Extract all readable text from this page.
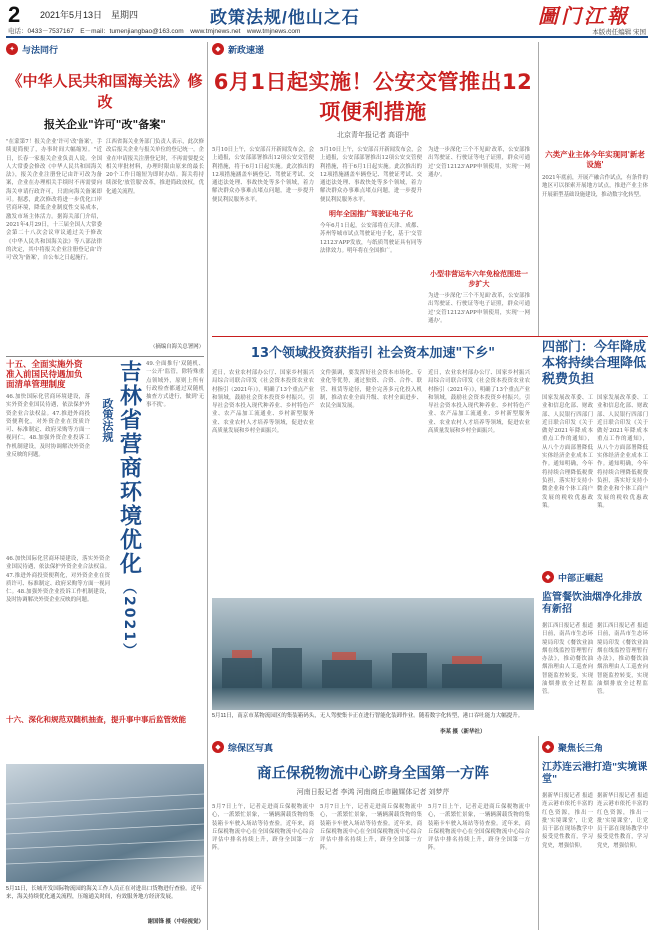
2 2021年5月13日　星期四	政策法规/他山之石	圖门江報
电话：0433－7537167　E－mail：tumenjiangbao@163.com　www.tmjnews.net　www.tmjnews.com	本版责任编辑 宋国
✦ 与法同行
《中华人民共和国海关法》修改
报关企业"许可"改"备案"
"在蒙第7！报关企业'许可'改'备案'，手续更简便了，办事时间大幅缩短。"近日，长春一家报关企业负责人说。全国人大常委会修改《中华人民共和国海关法》，报关企业注册登记由许可改为备案，企业在办理相关手续时不再需要向海关申请行政许可，只需向海关备案即可。据悉，此次修改将进一步优化口岸营商环境，降低企业制度性交易成本，激发市场主体活力。据海关部门介绍，2021年4月29日，十三届全国人大常委会第二十八次会议审议通过关于修改《中华人民共和国海关法》等八部法律的决定，其中将报关企业注册登记由'许可'改为'备案'，自公布之日起施行。
江西省海关业务部门负责人表示，此次修改后报关企业与报关单位的登记统一，企业在申请报关注册登记时，不再需要提交相关审批材料，办理时限由原来的最长20个工作日缩短为即时办结。海关将持续深化'放管服'改革，推进简政放权，优化通关流程。
（摘编自海关总署网）
十五、全面实施外资准入前国民待遇加负面清单管理制度
46.加快国际化营商环境建设，落实外资企业国民待遇，依法保护外资企业合法权益。47.推进外商投资便利化，对外资企业在资质许可、标准制定、政府采购等方面一视同仁。48.加强外资企业投诉工作机制建设，及时协调解决外资企业反映的问题。
政策法规 吉林省营商环境优化
（2021）
49.全面推行'双随机、一公开'监管，除特殊重点领域外，原则上所有行政检查都通过双随机抽查方式进行，做到'无事不扰'。
46.加快国际化营商环境建设，落实外资企业国民待遇，依法保护外资企业合法权益。47.推进外商投资便利化，对外资企业在资质许可、标准制定、政府采购等方面一视同仁。48.加强外资企业投诉工作机制建设，及时协调解决外资企业反映的问题。
十六、深化和规范双随机抽查，提升事中事后监管效能
5月11日，长城开发国际物流园的海关工作人员正在对进出口货物进行查验。近年来，海关持续优化通关流程，压缩通关时间，有效服务地方经济发展。
谢国锋 摄（中经视觉）
◆ 新政速递
6月1日起实施！公安交管推出12项便利措施
北京青年报记者 高语中
5月10日上午，公安部召开新闻发布会，会上通报，公安部部署推出12项公安交管便利措施，将于6月1日起实施。此次推出的12项措施涵盖车辆登记、驾驶证考试、交通违法处理、事故快处等多个领域，着力解决群众办事难点堵点问题，进一步提升便民利民服务水平。
5月10日上午，公安部召开新闻发布会，会上通报，公安部部署推出12项公安交管便利措施，将于6月1日起实施。此次推出的12项措施涵盖车辆登记、驾驶证考试、交通违法处理、事故快处等多个领域，着力解决群众办事难点堵点问题，进一步提升便民利民服务水平。
明年全国推广驾驶证电子化
今年6月1日起，公安部将在天津、成都、苏州等城市试点驾驶证电子化，基于'交管12123'APP发放，与纸质驾驶证具有同等法律效力。明年将在全国推广。
为进一步深化'三个不见面'改革，公安部推出驾驶证、行驶证等电子证照，群众可通过'交管12123'APP申领使用，实现'一网通办'。
小型非营运车六年免检范围进一步扩大
为进一步深化'三个不见面'改革，公安部推出驾驶证、行驶证等电子证照，群众可通过'交管12123'APP申领使用，实现'一网通办'。
13个领域投资获指引 社会资本加速"下乡"
近日，农业农村部办公厅、国家乡村振兴局综合司联合印发《社会资本投资农业农村指引（2021年）》，明确了13个重点产业和领域，鼓励社会资本投资乡村振兴。引导社会资本投入现代种养业、乡村特色产业、农产品加工流通业、乡村新型服务业、农业农村人才培养等领域，促进农业高质量发展和乡村全面振兴。
文件强调，要发挥好社会资本市场化、专业化等优势，通过独资、合资、合作、联营、租赁等途径，健全完善多元化投入机制，推动农业全面升级、农村全面进步、农民全面发展。
近日，农业农村部办公厅、国家乡村振兴局综合司联合印发《社会资本投资农业农村指引（2021年）》，明确了13个重点产业和领域，鼓励社会资本投资乡村振兴。引导社会资本投入现代种养业、乡村特色产业、农产品加工流通业、乡村新型服务业、农业农村人才培养等领域，促进农业高质量发展和乡村全面振兴。
5月11日，南京市某物流园区的集装箱码头，无人驾驶集卡正在进行智能化装卸作业。随着数字化转型，港口吞吐能力大幅提升。
李某 摄（新华社）
◆ 综保区写真
商丘保税物流中心跻身全国第一方阵
河南日报记者 李鸿 河南商丘市融媒体记者 刘梦芹
5月7日上午，记者走进商丘保税物流中心，一派繁忙景象，一辆辆满载货物的集装箱卡车驶入场站等待查验。近年来，商丘保税物流中心在全国保税物流中心综合评估中排名持续上升，跻身全国第一方阵。
5月7日上午，记者走进商丘保税物流中心，一派繁忙景象，一辆辆满载货物的集装箱卡车驶入场站等待查验。近年来，商丘保税物流中心在全国保税物流中心综合评估中排名持续上升，跻身全国第一方阵。
5月7日上午，记者走进商丘保税物流中心，一派繁忙景象，一辆辆满载货物的集装箱卡车驶入场站等待查验。近年来，商丘保税物流中心在全国保税物流中心综合评估中排名持续上升，跻身全国第一方阵。
六类产业主体今年实现同'新老设施'
2021年底前，开展产融合作试点，有条件的地区可以探索开展地方试点，推进产业主体开展新型基础设施建设，推动数字化转型。
四部门：今年降成本将持续合理降低税费负担
国家发展改革委、工业和信息化部、财政部、人民银行四部门近日联合印发《关于做好2021年降成本重点工作的通知》，从八个方面部署降低实体经济企业成本工作。通知明确，今年将持续合理降低税费负担，落实好支持小微企业和个体工商户发展的税收优惠政策。
国家发展改革委、工业和信息化部、财政部、人民银行四部门近日联合印发《关于做好2021年降成本重点工作的通知》，从八个方面部署降低实体经济企业成本工作。通知明确，今年将持续合理降低税费负担，落实好支持小微企业和个体工商户发展的税收优惠政策。
◆ 中部正崛起
监管餐饮油烟净化排放有新招
据江西日报记者 报道 日前，南昌市生态环境局印发《餐饮业油烟在线监控管理暂行办法》，推动餐饮油烟治理由人工巡查向智能监控转变，实现油烟排放全过程监管。
据江西日报记者 报道 日前，南昌市生态环境局印发《餐饮业油烟在线监控管理暂行办法》，推动餐饮油烟治理由人工巡查向智能监控转变，实现油烟排放全过程监管。
◆ 聚焦长三角
江苏连云港打造"实境课堂"
据新华日报记者 报道 连云港市依托丰富的红色资源，推出一批'实境课堂'，让党员干部在现场教学中接受党性教育，学习党史，增强信仰。
据新华日报记者 报道 连云港市依托丰富的红色资源，推出一批'实境课堂'，让党员干部在现场教学中接受党性教育，学习党史，增强信仰。
